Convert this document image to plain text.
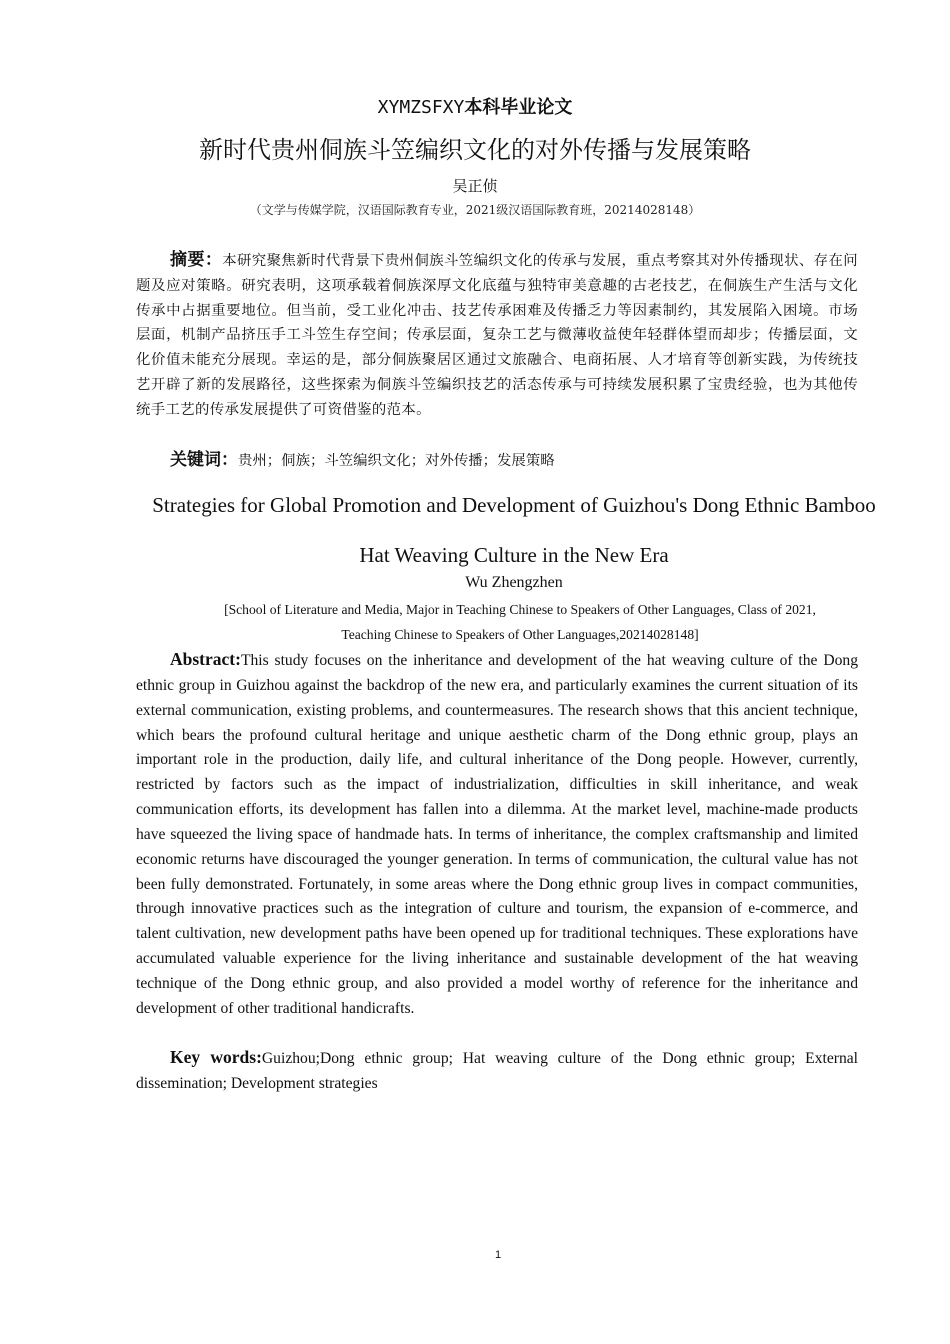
XYMZSFXY本科毕业论文
新时代贵州侗族斗笠编织文化的对外传播与发展策略
吴正侦
（文学与传媒学院，汉语国际教育专业，2021级汉语国际教育班，20214028148）

摘要：本研究聚焦新时代背景下贵州侗族斗笠编织文化的传承与发展，重点考察其对外传播现状、存在问题及应对策略。研究表明，这项承载着侗族深厚文化底蕴与独特审美意趣的古老技艺，在侗族生产生活与文化传承中占据重要地位。但当前，受工业化冲击、技艺传承困难及传播乏力等因素制约，其发展陷入困境。市场层面，机制产品挤压手工斗笠生存空间；传承层面，复杂工艺与微薄收益使年轻群体望而却步；传播层面，文化价值未能充分展现。幸运的是，部分侗族聚居区通过文旅融合、电商拓展、人才培育等创新实践，为传统技艺开辟了新的发展路径，这些探索为侗族斗笠编织技艺的活态传承与可持续发展积累了宝贵经验，也为其他传统手工艺的传承发展提供了可资借鉴的范本。

关键词：贵州；侗族；斗笠编织文化；对外传播；发展策略

Strategies for Global Promotion and Development of Guizhou's Dong Ethnic Bamboo Hat Weaving Culture in the New Era

Wu Zhengzhen

[School of Literature and Media, Major in Teaching Chinese to Speakers of Other Languages, Class of 2021, Teaching Chinese to Speakers of Other Languages,20214028148]

Abstract:This study focuses on the inheritance and development of the hat weaving culture of the Dong ethnic group in Guizhou against the backdrop of the new era, and particularly examines the current situation of its external communication, existing problems, and countermeasures. The research shows that this ancient technique, which bears the profound cultural heritage and unique aesthetic charm of the Dong ethnic group, plays an important role in the production, daily life, and cultural inheritance of the Dong people. However, currently, restricted by factors such as the impact of industrialization, difficulties in skill inheritance, and weak communication efforts, its development has fallen into a dilemma. At the market level, machine-made products have squeezed the living space of handmade hats. In terms of inheritance, the complex craftsmanship and limited economic returns have discouraged the younger generation. In terms of communication, the cultural value has not been fully demonstrated. Fortunately, in some areas where the Dong ethnic group lives in compact communities, through innovative practices such as the integration of culture and tourism, the expansion of e-commerce, and talent cultivation, new development paths have been opened up for traditional techniques. These explorations have accumulated valuable experience for the living inheritance and sustainable development of the hat weaving technique of the Dong ethnic group, and also provided a model worthy of reference for the inheritance and development of other traditional handicrafts.

Key words:Guizhou;Dong ethnic group; Hat weaving culture of the Dong ethnic group; External dissemination; Development strategies

1
